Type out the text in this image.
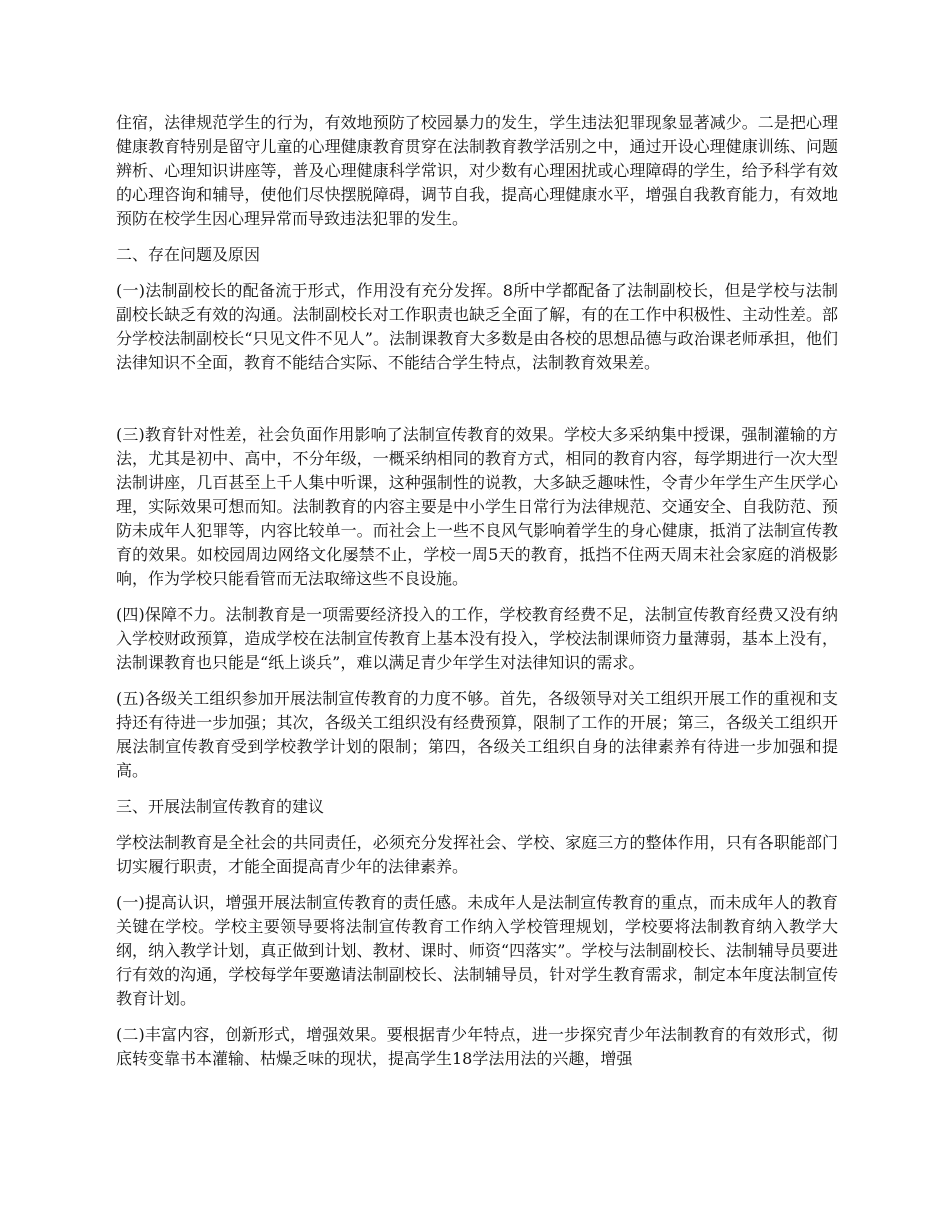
住宿，法律规范学生的行为，有效地预防了校园暴力的发生，学生违法犯罪现象显著减少。二是把心理健康教育特别是留守儿童的心理健康教育贯穿在法制教育教学活别之中，通过开设心理健康训练、问题辨析、心理知识讲座等，普及心理健康科学常识，对少数有心理困扰或心理障碍的学生，给予科学有效的心理咨询和辅导，使他们尽快摆脱障碍，调节自我，提高心理健康水平，增强自我教育能力，有效地预防在校学生因心理异常而导致违法犯罪的发生。

二、存在问题及原因

(一)法制副校长的配备流于形式，作用没有充分发挥。8所中学都配备了法制副校长，但是学校与法制副校长缺乏有效的沟通。法制副校长对工作职责也缺乏全面了解，有的在工作中积极性、主动性差。部分学校法制副校长“只见文件不见人”。法制课教育大多数是由各校的思想品德与政治课老师承担，他们法律知识不全面，教育不能结合实际、不能结合学生特点，法制教育效果差。

(三)教育针对性差，社会负面作用影响了法制宣传教育的效果。学校大多采纳集中授课，强制灌输的方法，尤其是初中、高中，不分年级，一概采纳相同的教育方式，相同的教育内容，每学期进行一次大型法制讲座，几百甚至上千人集中听课，这种强制性的说教，大多缺乏趣味性，令青少年学生产生厌学心理，实际效果可想而知。法制教育的内容主要是中小学生日常行为法律规范、交通安全、自我防范、预防未成年人犯罪等，内容比较单一。而社会上一些不良风气影响着学生的身心健康，抵消了法制宣传教育的效果。如校园周边网络文化屡禁不止，学校一周5天的教育，抵挡不住两天周末社会家庭的消极影响，作为学校只能看管而无法取缔这些不良设施。

(四)保障不力。法制教育是一项需要经济投入的工作，学校教育经费不足，法制宣传教育经费又没有纳入学校财政预算，造成学校在法制宣传教育上基本没有投入，学校法制课师资力量薄弱，基本上没有，法制课教育也只能是“纸上谈兵”，难以满足青少年学生对法律知识的需求。

(五)各级关工组织参加开展法制宣传教育的力度不够。首先，各级领导对关工组织开展工作的重视和支持还有待进一步加强；其次，各级关工组织没有经费预算，限制了工作的开展；第三，各级关工组织开展法制宣传教育受到学校教学计划的限制；第四，各级关工组织自身的法律素养有待进一步加强和提高。

三、开展法制宣传教育的建议

学校法制教育是全社会的共同责任，必须充分发挥社会、学校、家庭三方的整体作用，只有各职能部门切实履行职责，才能全面提高青少年的法律素养。

(一)提高认识，增强开展法制宣传教育的责任感。未成年人是法制宣传教育的重点，而未成年人的教育关键在学校。学校主要领导要将法制宣传教育工作纳入学校管理规划，学校要将法制教育纳入教学大纲，纳入教学计划，真正做到计划、教材、课时、师资“四落实”。学校与法制副校长、法制辅导员要进行有效的沟通，学校每学年要邀请法制副校长、法制辅导员，针对学生教育需求，制定本年度法制宣传教育计划。

(二)丰富内容，创新形式，增强效果。要根据青少年特点，进一步探究青少年法制教育的有效形式，彻底转变靠书本灌输、枯燥乏味的现状，提高学生18学法用法的兴趣，增强
